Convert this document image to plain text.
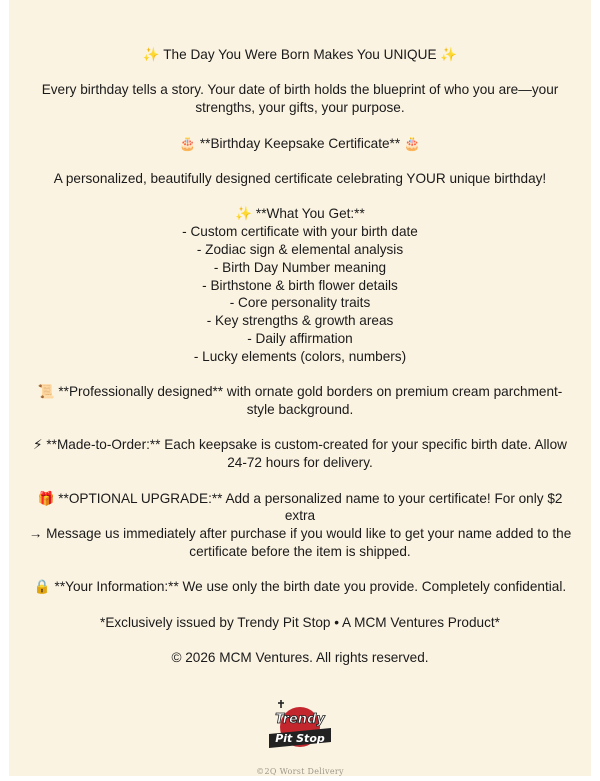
✨ The Day You Were Born Makes You UNIQUE ✨

Every birthday tells a story. Your date of birth holds the blueprint of who you are—your strengths, your gifts, your purpose.

🎂 **Birthday Keepsake Certificate** 🎂

A personalized, beautifully designed certificate celebrating YOUR unique birthday!

✨ **What You Get:**

- Custom certificate with your birth date

- Zodiac sign & elemental analysis

- Birth Day Number meaning

- Birthstone & birth flower details

- Core personality traits

- Key strengths & growth areas

- Daily affirmation

- Lucky elements (colors, numbers)

📜 **Professionally designed** with ornate gold borders on premium cream parchment-style background.

⚡ **Made-to-Order:** Each keepsake is custom-created for your specific birth date. Allow 24-72 hours for delivery.

🎁 **OPTIONAL UPGRADE:** Add a personalized name to your certificate! For only $2 extra

→ Message us immediately after purchase if you would like to get your name added to the certificate before the item is shipped.

🔒 **Your Information:** We use only the birth date you provide. Completely confidential.

*Exclusively issued by Trendy Pit Stop • A MCM Ventures Product*

© 2026 MCM Ventures. All rights reserved.

Trendy
Pit Stop
©2Q Worst Delivery
